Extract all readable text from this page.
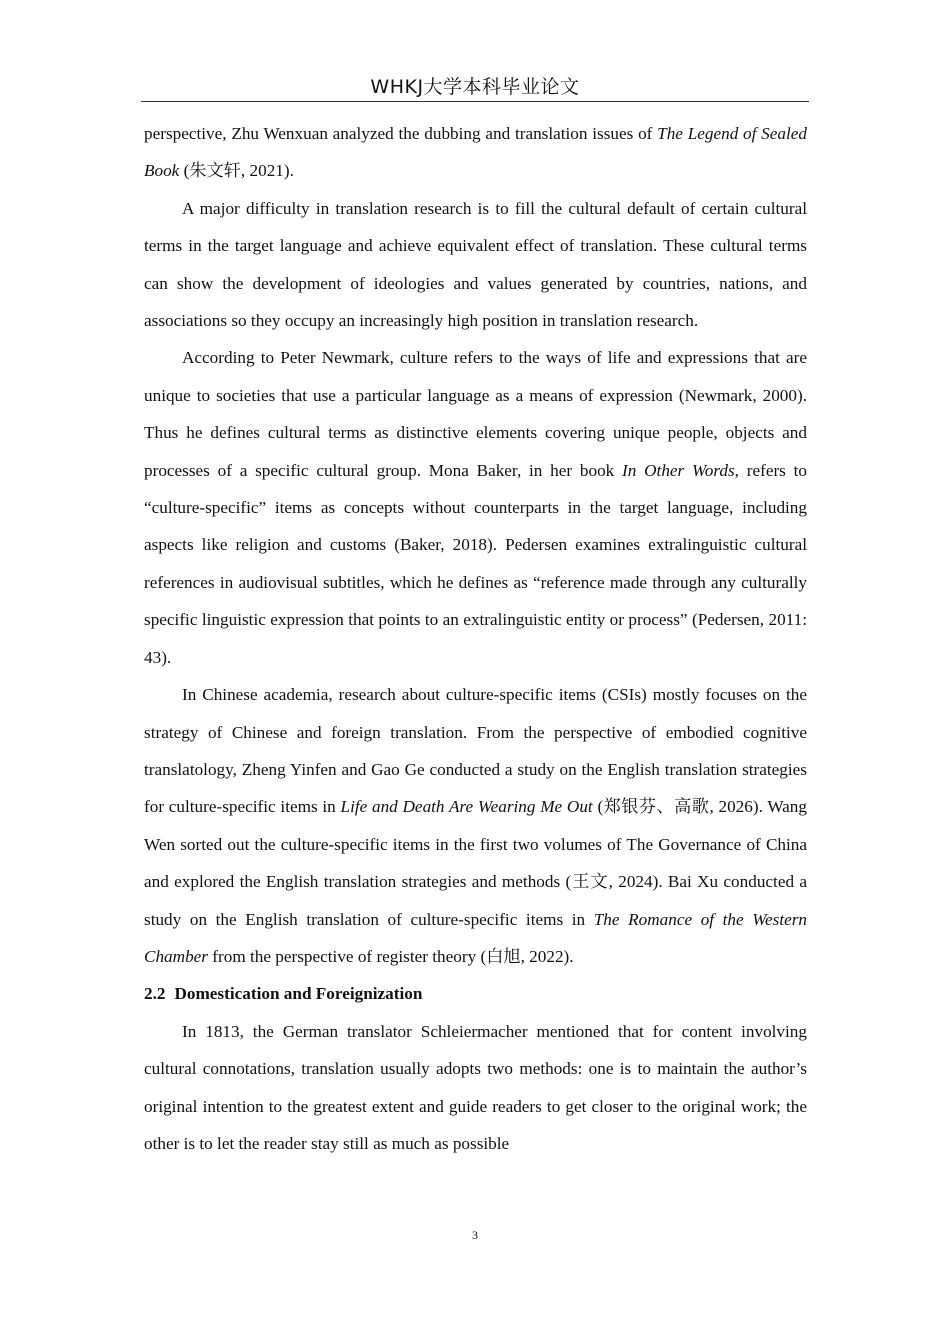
WHKJ大学本科毕业论文

perspective, Zhu Wenxuan analyzed the dubbing and translation issues of The Legend of Sealed Book (朱文轩, 2021).

A major difficulty in translation research is to fill the cultural default of certain cultural terms in the target language and achieve equivalent effect of translation. These cultural terms can show the development of ideologies and values generated by countries, nations, and associations so they occupy an increasingly high position in translation research.

According to Peter Newmark, culture refers to the ways of life and expressions that are unique to societies that use a particular language as a means of expression (Newmark, 2000). Thus he defines cultural terms as distinctive elements covering unique people, objects and processes of a specific cultural group. Mona Baker, in her book In Other Words, refers to “culture-specific” items as concepts without counterparts in the target language, including aspects like religion and customs (Baker, 2018). Pedersen examines extralinguistic cultural references in audiovisual subtitles, which he defines as “reference made through any culturally specific linguistic expression that points to an extralinguistic entity or process” (Pedersen, 2011: 43).

In Chinese academia, research about culture-specific items (CSIs) mostly focuses on the strategy of Chinese and foreign translation. From the perspective of embodied cognitive translatology, Zheng Yinfen and Gao Ge conducted a study on the English translation strategies for culture-specific items in Life and Death Are Wearing Me Out (郑银芬、高歌, 2026). Wang Wen sorted out the culture-specific items in the first two volumes of The Governance of China and explored the English translation strategies and methods (王文, 2024). Bai Xu conducted a study on the English translation of culture-specific items in The Romance of the Western Chamber from the perspective of register theory (白旭, 2022).

2.2 Domestication and Foreignization

In 1813, the German translator Schleiermacher mentioned that for content involving cultural connotations, translation usually adopts two methods: one is to maintain the author’s original intention to the greatest extent and guide readers to get closer to the original work; the other is to let the reader stay still as much as possible

3
